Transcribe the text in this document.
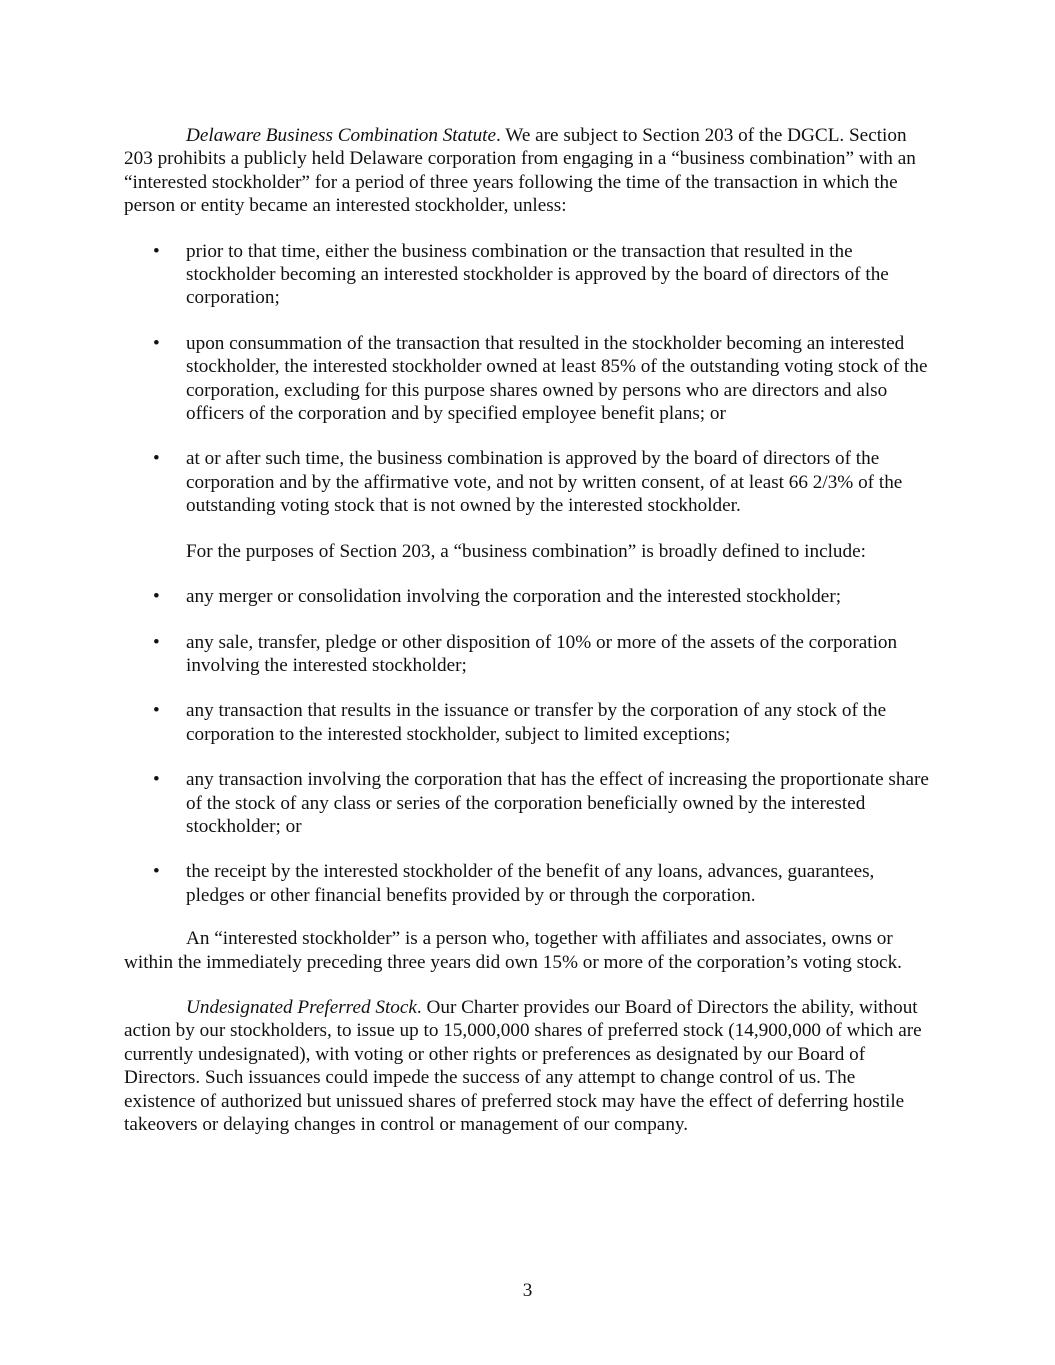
Delaware Business Combination Statute. We are subject to Section 203 of the DGCL. Section 203 prohibits a publicly held Delaware corporation from engaging in a “business combination” with an “interested stockholder” for a period of three years following the time of the transaction in which the person or entity became an interested stockholder, unless:

• prior to that time, either the business combination or the transaction that resulted in the stockholder becoming an interested stockholder is approved by the board of directors of the corporation;
• upon consummation of the transaction that resulted in the stockholder becoming an interested stockholder, the interested stockholder owned at least 85% of the outstanding voting stock of the corporation, excluding for this purpose shares owned by persons who are directors and also officers of the corporation and by specified employee benefit plans; or
• at or after such time, the business combination is approved by the board of directors of the corporation and by the affirmative vote, and not by written consent, of at least 66 2/3% of the outstanding voting stock that is not owned by the interested stockholder.

For the purposes of Section 203, a “business combination” is broadly defined to include:

• any merger or consolidation involving the corporation and the interested stockholder;
• any sale, transfer, pledge or other disposition of 10% or more of the assets of the corporation involving the interested stockholder;
• any transaction that results in the issuance or transfer by the corporation of any stock of the corporation to the interested stockholder, subject to limited exceptions;
• any transaction involving the corporation that has the effect of increasing the proportionate share of the stock of any class or series of the corporation beneficially owned by the interested stockholder; or
• the receipt by the interested stockholder of the benefit of any loans, advances, guarantees, pledges or other financial benefits provided by or through the corporation.

An “interested stockholder” is a person who, together with affiliates and associates, owns or within the immediately preceding three years did own 15% or more of the corporation’s voting stock.

Undesignated Preferred Stock. Our Charter provides our Board of Directors the ability, without action by our stockholders, to issue up to 15,000,000 shares of preferred stock (14,900,000 of which are currently undesignated), with voting or other rights or preferences as designated by our Board of Directors. Such issuances could impede the success of any attempt to change control of us. The existence of authorized but unissued shares of preferred stock may have the effect of deferring hostile takeovers or delaying changes in control or management of our company.

3
